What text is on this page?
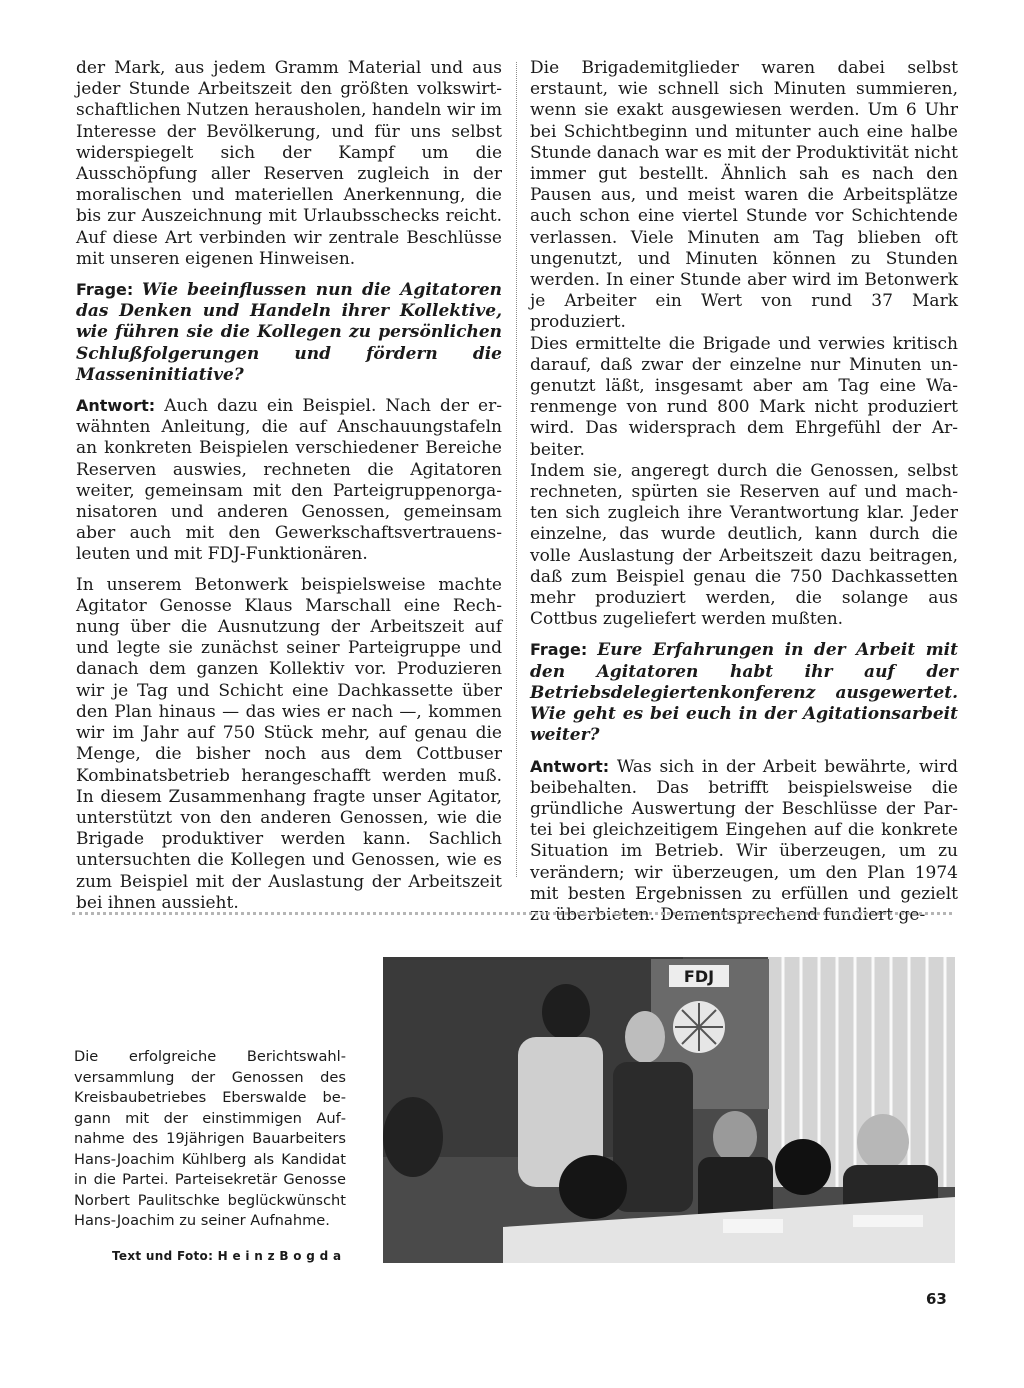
der Mark, aus jedem Gramm Material und aus jeder Stunde Arbeitszeit den größten volkswirtschaftlichen Nutzen herausholen, handeln wir im Interesse der Bevölkerung, und für uns selbst widerspiegelt sich der Kampf um die Ausschöpfung aller Reserven zugleich in der moralischen und materiellen Anerkennung, die bis zur Auszeichnung mit Urlaubsschecks reicht. Auf diese Art verbinden wir zentrale Beschlüsse mit unseren eigenen Hinweisen.

Frage: Wie beeinflussen nun die Agitatoren das Denken und Handeln ihrer Kollektive, wie führen sie die Kollegen zu persönlichen Schlußfolgerungen und fördern die Masseninitiative?

Antwort: Auch dazu ein Beispiel. Nach der erwähnten Anleitung, die auf Anschauungstafeln an konkreten Beispielen verschiedener Bereiche Reserven auswies, rechneten die Agitatoren weiter, gemeinsam mit den Parteigruppenorganisatoren und anderen Genossen, gemeinsam aber auch mit den Gewerkschaftsvertrauensleuten und mit FDJ-Funktionären.

In unserem Betonwerk beispielsweise machte Agitator Genosse Klaus Marschall eine Rechnung über die Ausnutzung der Arbeitszeit auf und legte sie zunächst seiner Parteigruppe und danach dem ganzen Kollektiv vor. Produzieren wir je Tag und Schicht eine Dachkassette über den Plan hinaus — das wies er nach —, kommen wir im Jahr auf 750 Stück mehr, auf genau die Menge, die bisher noch aus dem Cottbuser Kombinatsbetrieb herangeschafft werden muß. In diesem Zusammenhang fragte unser Agitator, unterstützt von den anderen Genossen, wie die Brigade produktiver werden kann. Sachlich untersuchten die Kollegen und Genossen, wie es zum Beispiel mit der Auslastung der Arbeitszeit bei ihnen aussieht.

Die Brigademitglieder waren dabei selbst erstaunt, wie schnell sich Minuten summieren, wenn sie exakt ausgewiesen werden. Um 6 Uhr bei Schichtbeginn und mitunter auch eine halbe Stunde danach war es mit der Produktivität nicht immer gut bestellt. Ähnlich sah es nach den Pausen aus, und meist waren die Arbeitsplätze auch schon eine viertel Stunde vor Schichtende verlassen. Viele Minuten am Tag blieben oft ungenutzt, und Minuten können zu Stunden werden. In einer Stunde aber wird im Betonwerk je Arbeiter ein Wert von rund 37 Mark produziert.

Dies ermittelte die Brigade und verwies kritisch darauf, daß zwar der einzelne nur Minuten ungenutzt läßt, insgesamt aber am Tag eine Warenmenge von rund 800 Mark nicht produziert wird. Das widersprach dem Ehrgefühl der Arbeiter.

Indem sie, angeregt durch die Genossen, selbst rechneten, spürten sie Reserven auf und machten sich zugleich ihre Verantwortung klar. Jeder einzelne, das wurde deutlich, kann durch die volle Auslastung der Arbeitszeit dazu beitragen, daß zum Beispiel genau die 750 Dachkassetten mehr produziert werden, die solange aus Cottbus zugeliefert werden mußten.

Frage: Eure Erfahrungen in der Arbeit mit den Agitatoren habt ihr auf der Betriebsdelegiertenkonferenz ausgewertet. Wie geht es bei euch in der Agitationsarbeit weiter?

Antwort: Was sich in der Arbeit bewährte, wird beibehalten. Das betrifft beispielsweise die gründliche Auswertung der Beschlüsse der Partei bei gleichzeitigem Eingehen auf die konkrete Situation im Betrieb. Wir überzeugen, um zu verändern; wir überzeugen, um den Plan 1974 mit besten Ergebnissen zu erfüllen und gezielt zu überbieten. Dementsprechend fundiert ge-

FDJ
Die erfolgreiche Berichtswahlversammlung der Genossen des Kreisbaubetriebes Eberswalde begann mit der einstimmigen Aufnahme des 19jährigen Bauarbeiters Hans-Joachim Kühlberg als Kandidat in die Partei. Parteisekretär Genosse Norbert Paulitschke beglückwünscht Hans-Joachim zu seiner Aufnahme.
Text und Foto: H e i n z B o g d a
63
